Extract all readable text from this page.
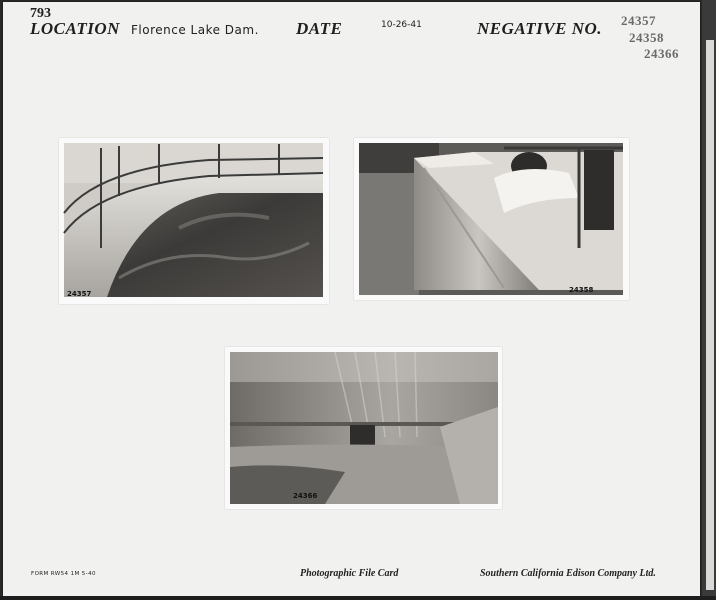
793
LOCATION Florence Lake Dam. DATE	10-26-41	NEGATIVE NO. 24357
24358
24366
24357	24358
24366
FORM RW54 1M 5-40	Photographic File Card	Southern California Edison Company Ltd.
